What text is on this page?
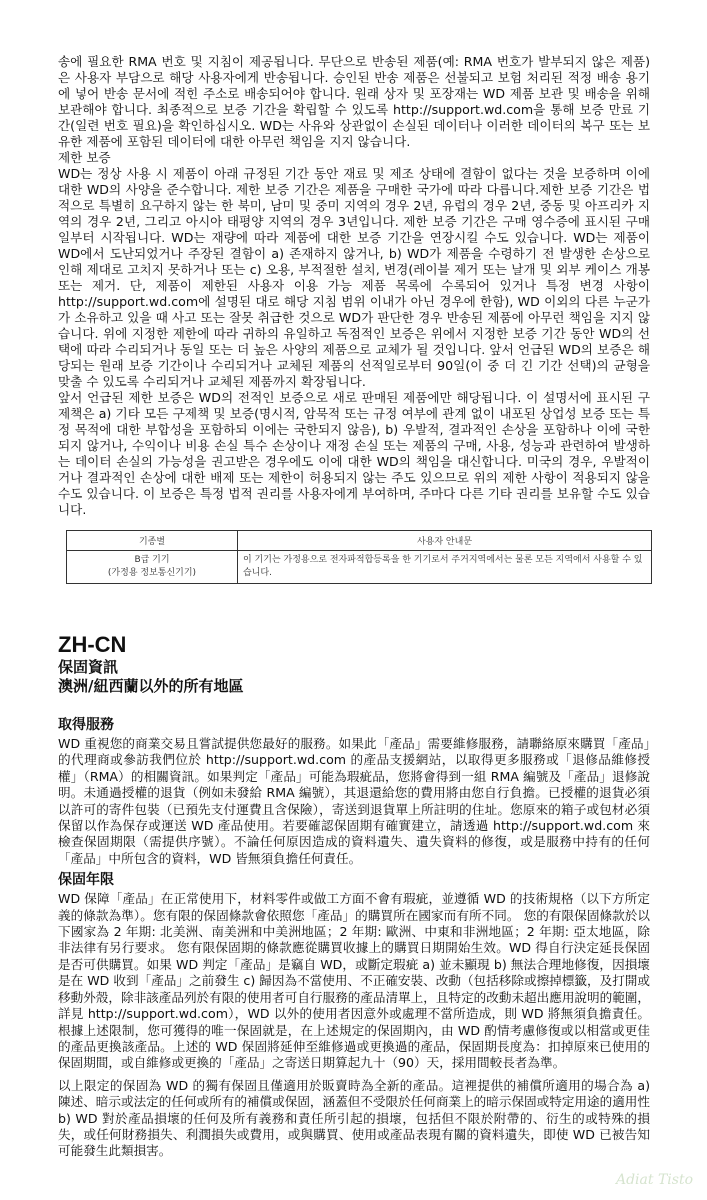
송에 필요한 RMA 번호 및 지침이 제공됩니다. 무단으로 반송된 제품(예: RMA 번호가 발부되지 않은 제품)은 사용자 부담으로 해당 사용자에게 반송됩니다. 승인된 반송 제품은 선불되고 보험 처리된 적정 배송 용기에 넣어 반송 문서에 적힌 주소로 배송되어야 합니다. 원래 상자 및 포장재는 WD 제품 보관 및 배송을 위해 보관해야 합니다. 최종적으로 보증 기간을 확립할 수 있도록 http://support.wd.com을 통해 보증 만료 기간(일련 번호 필요)을 확인하십시오. WD는 사유와 상관없이 손실된 데이터나 이러한 데이터의 복구 또는 보유한 제품에 포함된 데이터에 대한 아무런 책임을 지지 않습니다.

제한 보증

WD는 정상 사용 시 제품이 아래 규정된 기간 동안 재료 및 제조 상태에 결함이 없다는 것을 보증하며 이에 대한 WD의 사양을 준수합니다. 제한 보증 기간은 제품을 구매한 국가에 따라 다릅니다.제한 보증 기간은 법적으로 특별히 요구하지 않는 한 북미, 남미 및 중미 지역의 경우 2년, 유럽의 경우 2년, 중동 및 아프리카 지역의 경우 2년, 그리고 아시아 태평양 지역의 경우 3년입니다. 제한 보증 기간은 구매 영수증에 표시된 구매일부터 시작됩니다. WD는 재량에 따라 제품에 대한 보증 기간을 연장시킬 수도 있습니다. WD는 제품이 WD에서 도난되었거나 주장된 결함이 a) 존재하지 않거나, b) WD가 제품을 수령하기 전 발생한 손상으로 인해 제대로 고치지 못하거나 또는 c) 오용, 부적절한 설치, 변경(레이블 제거 또는 날개 및 외부 케이스 개봉 또는 제거. 단, 제품이 제한된 사용자 이용 가능 제품 목록에 수록되어 있거나 특정 변경 사항이 http://support.wd.com에 설명된 대로 해당 지침 범위 이내가 아닌 경우에 한함), WD 이외의 다른 누군가가 소유하고 있을 때 사고 또는 잘못 취급한 것으로 WD가 판단한 경우 반송된 제품에 아무런 책임을 지지 않습니다. 위에 지정한 제한에 따라 귀하의 유일하고 독점적인 보증은 위에서 지정한 보증 기간 동안 WD의 선택에 따라 수리되거나 동일 또는 더 높은 사양의 제품으로 교체가 될 것입니다. 앞서 언급된 WD의 보증은 해당되는 원래 보증 기간이나 수리되거나 교체된 제품의 선적일로부터 90일(이 중 더 긴 기간 선택)의 균형을 맞출 수 있도록 수리되거나 교체된 제품까지 확장됩니다.

앞서 언급된 제한 보증은 WD의 전적인 보증으로 새로 판매된 제품에만 해당됩니다. 이 설명서에 표시된 구제책은 a) 기타 모든 구제책 및 보증(명시적, 암묵적 또는 규정 여부에 관계 없이 내포된 상업성 보증 또는 특정 목적에 대한 부합성을 포함하되 이에는 국한되지 않음), b) 우발적, 결과적인 손상을 포함하나 이에 국한되지 않거나, 수익이나 비용 손실 특수 손상이나 재정 손실 또는 제품의 구매, 사용, 성능과 관련하여 발생하는 데이터 손실의 가능성을 권고받은 경우에도 이에 대한 WD의 책임을 대신합니다. 미국의 경우, 우발적이거나 결과적인 손상에 대한 배제 또는 제한이 허용되지 않는 주도 있으므로 위의 제한 사항이 적용되지 않을 수도 있습니다. 이 보증은 특정 법적 권리를 사용자에게 부여하며, 주마다 다른 기타 권리를 보유할 수도 있습니다.

기종별	사용자 안내문

B급 기기
(가정용 정보통신기기)	이 기기는 가정용으로 전자파적합등록을 한 기기로서 주거지역에서는 물론 모든 지역에서 사용할 수 있습니다.
ZH-CN

保固資訊

澳洲/紐西蘭以外的所有地區

取得服務

WD 重視您的商業交易且嘗試提供您最好的服務。如果此「產品」需要維修服務，請聯絡原來購買「產品」的代理商或參訪我們位於 http://support.wd.com 的產品支援網站，以取得更多服務或「退修品維修授權」（RMA）的相關資訊。如果判定「產品」可能為瑕疵品，您將會得到一組 RMA 編號及「產品」退修說明。未通過授權的退貨（例如未發給 RMA 編號），其退還給您的費用將由您自行負擔。已授權的退貨必須以許可的寄件包裝（已預先支付運費且含保險），寄送到退貨單上所註明的住址。您原來的箱子或包材必須保留以作為保存或運送 WD 產品使用。若要確認保固期有確實建立，請透過 http://support.wd.com 來檢查保固期限（需提供序號）。不論任何原因造成的資料遺失、遺失資料的修復，或是服務中持有的任何「產品」中所包含的資料，WD 皆無須負擔任何責任。

保固年限

WD 保障「產品」在正常使用下，材料零件或做工方面不會有瑕疵，並遵循 WD 的技術規格（以下方所定義的條款為準）。您有限的保固條款會依照您「產品」的購買所在國家而有所不同。 您的有限保固條款於以下國家為 2 年期: 北美洲、南美洲和中美洲地區；2 年期: 歐洲、中東和非洲地區；2 年期: 亞太地區，除非法律有另行要求。 您有限保固期的條款應從購買收據上的購買日期開始生效。WD 得自行決定延長保固是否可供購買。如果 WD 判定「產品」是竊自 WD，或斷定瑕疵 a) 並未顯現 b) 無法合理地修復，因損壞是在 WD 收到「產品」之前發生 c) 歸因為不當使用、不正確安裝、改動（包括移除或擦掉標籤，及打開或移動外殼，除非該產品列於有限的使用者可自行服務的產品清單上，且特定的改動未超出應用說明的範圍，詳見 http://support.wd.com），WD 以外的使用者因意外或處理不當所造成，則 WD 將無須負擔責任。根據上述限制，您可獲得的唯一保固就是，在上述規定的保固期內，由 WD 酌情考慮修復或以相當或更佳的產品更換該產品。上述的 WD 保固將延伸至維修過或更換過的產品，保固期長度為：扣掉原來已使用的保固期間，或自維修或更換的「產品」之寄送日期算起九十（90）天，採用間較長者為準。

以上限定的保固為 WD 的獨有保固且僅適用於販賣時為全新的產品。這裡提供的補償所適用的場合為 a) 陳述、暗示或法定的任何或所有的補償或保固，涵蓋但不受限於任何商業上的暗示保固或特定用途的適用性 b) WD 對於產品損壞的任何及所有義務和責任所引起的損壞，包括但不限於附帶的、衍生的或特殊的損失，或任何財務損失、利潤損失或費用，或與購買、使用或產品表現有關的資料遺失，即使 WD 已被告知可能發生此類損害。

Adiat Tisto
